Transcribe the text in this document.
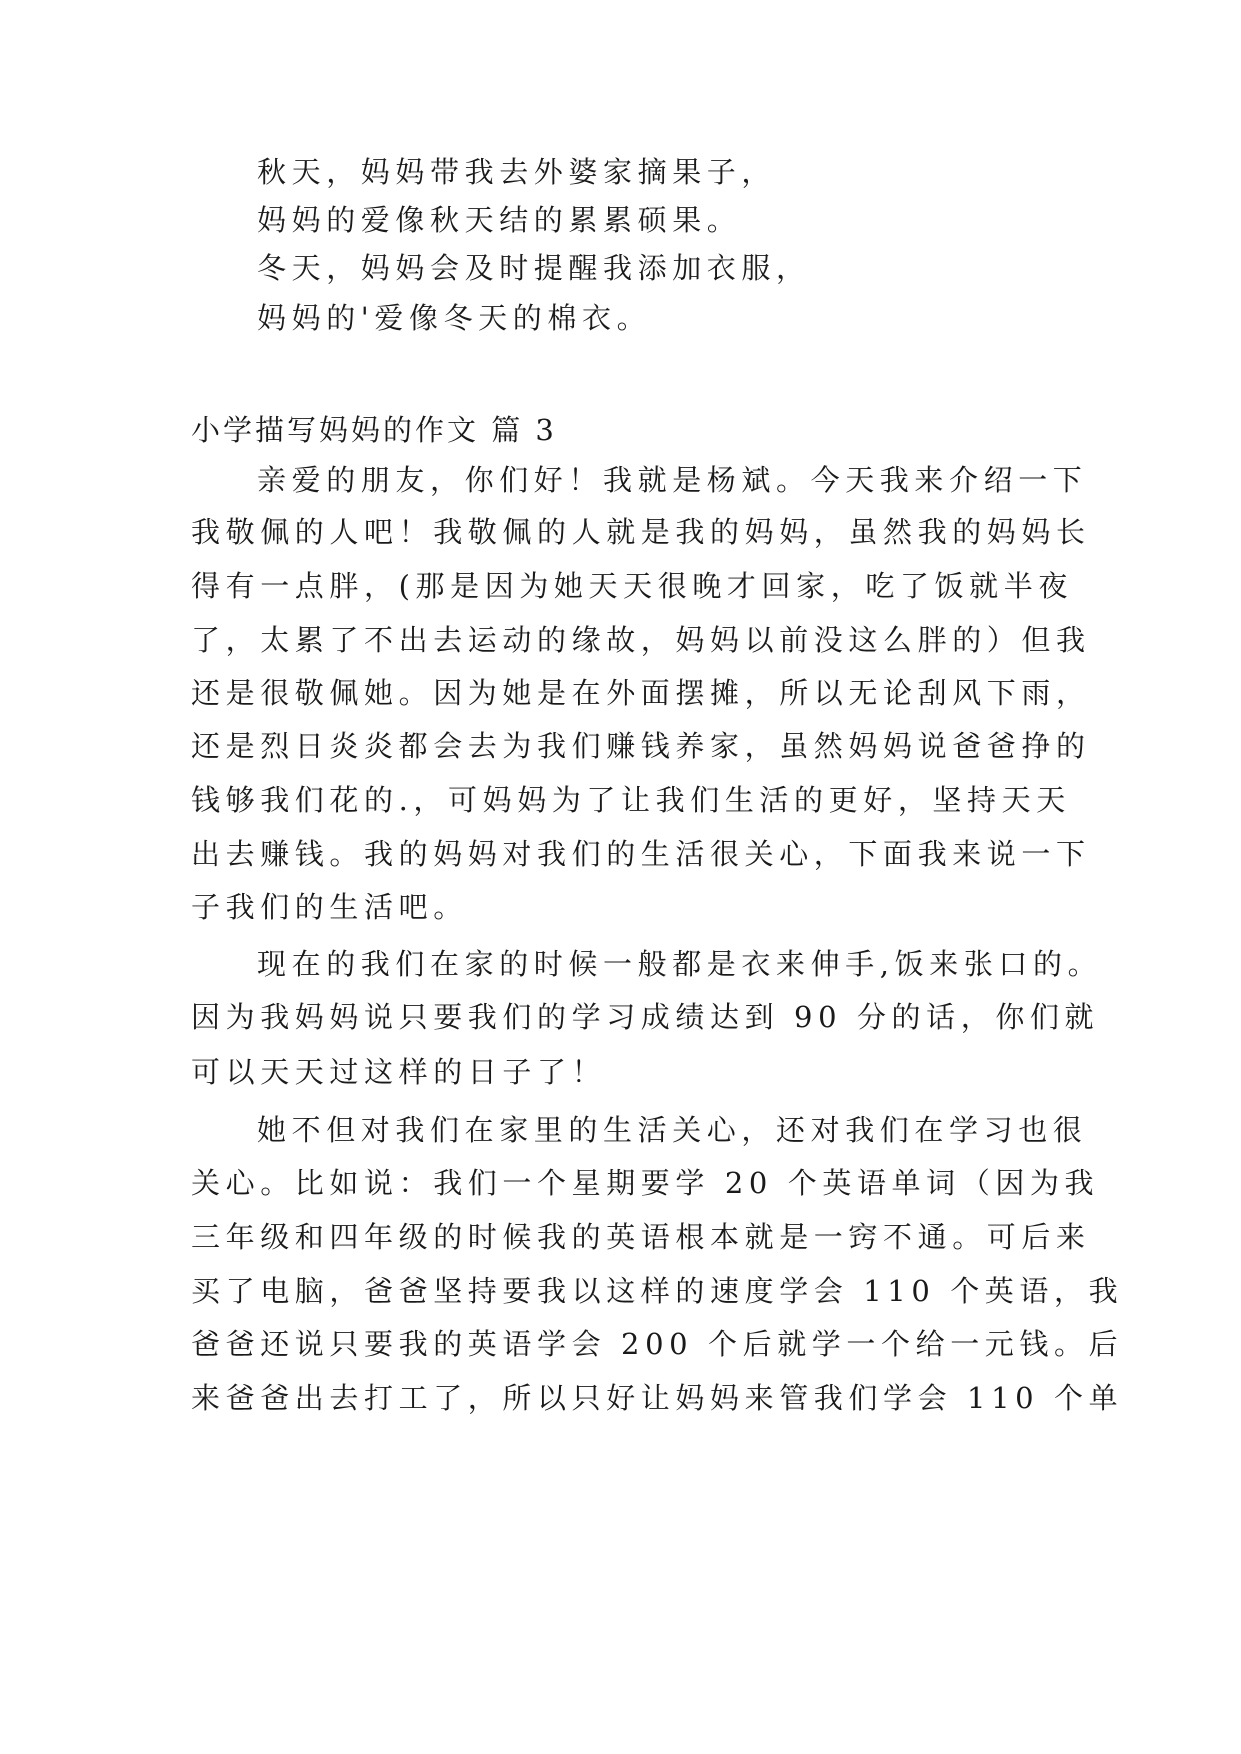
秋天，妈妈带我去外婆家摘果子，
妈妈的爱像秋天结的累累硕果。
冬天，妈妈会及时提醒我添加衣服，
妈妈的'爱像冬天的棉衣。
小学描写妈妈的作文 篇 3
亲爱的朋友，你们好！我就是杨斌。今天我来介绍一下
我敬佩的人吧！我敬佩的人就是我的妈妈，虽然我的妈妈长
得有一点胖，(那是因为她天天很晚才回家，吃了饭就半夜
了，太累了不出去运动的缘故，妈妈以前没这么胖的）但我
还是很敬佩她。因为她是在外面摆摊，所以无论刮风下雨，
还是烈日炎炎都会去为我们赚钱养家，虽然妈妈说爸爸挣的
钱够我们花的.，可妈妈为了让我们生活的更好，坚持天天
出去赚钱。我的妈妈对我们的生活很关心，下面我来说一下
子我们的生活吧。
现在的我们在家的时候一般都是衣来伸手,饭来张口的。
因为我妈妈说只要我们的学习成绩达到 90 分的话，你们就
可以天天过这样的日子了！
她不但对我们在家里的生活关心，还对我们在学习也很
关心。比如说：我们一个星期要学 20 个英语单词（因为我
三年级和四年级的时候我的英语根本就是一窍不通。可后来
买了电脑，爸爸坚持要我以这样的速度学会 110 个英语，我
爸爸还说只要我的英语学会 200 个后就学一个给一元钱。后
来爸爸出去打工了，所以只好让妈妈来管我们学会 110 个单
